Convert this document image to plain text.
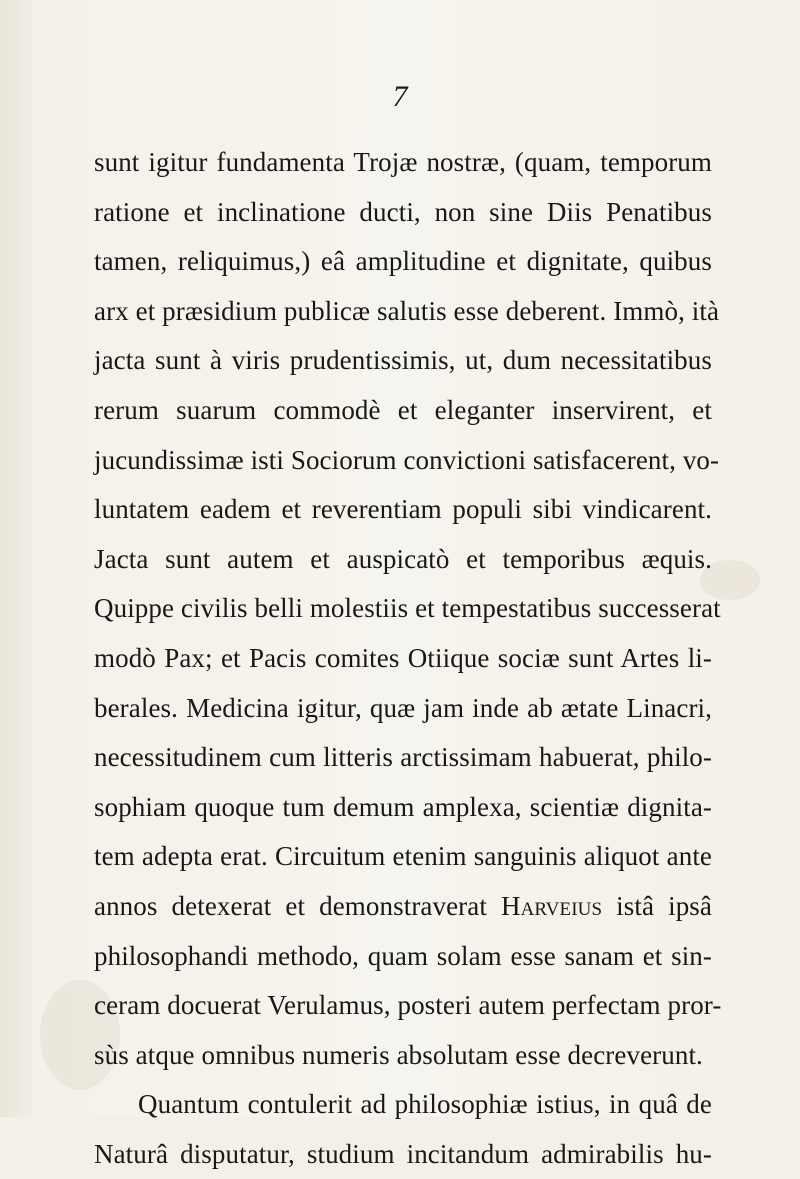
7
sunt igitur fundamenta Trojæ nostræ, (quam, temporum
ratione et inclinatione ducti, non sine Diis Penatibus
tamen, reliquimus,) eâ amplitudine et dignitate, quibus
arx et præsidium publicæ salutis esse deberent. Immò, ità
jacta sunt à viris prudentissimis, ut, dum necessitatibus
rerum suarum commodè et eleganter inservirent, et
jucundissimæ isti Sociorum convictioni satisfacerent, vo-
luntatem eadem et reverentiam populi sibi vindicarent.
Jacta sunt autem et auspicatò et temporibus æquis.
Quippe civilis belli molestiis et tempestatibus successerat
modò Pax; et Pacis comites Otiique sociæ sunt Artes li-
berales. Medicina igitur, quæ jam inde ab ætate Linacri,
necessitudinem cum litteris arctissimam habuerat, philo-
sophiam quoque tum demum amplexa, scientiæ dignita-
tem adepta erat. Circuitum etenim sanguinis aliquot ante
annos detexerat et demonstraverat Harveius istâ ipsâ
philosophandi methodo, quam solam esse sanam et sin-
ceram docuerat Verulamus, posteri autem perfectam pror-
sùs atque omnibus numeris absolutam esse decreverunt.
Quantum contulerit ad philosophiæ istius, in quâ de
Naturâ disputatur, studium incitandum admirabilis hu-
